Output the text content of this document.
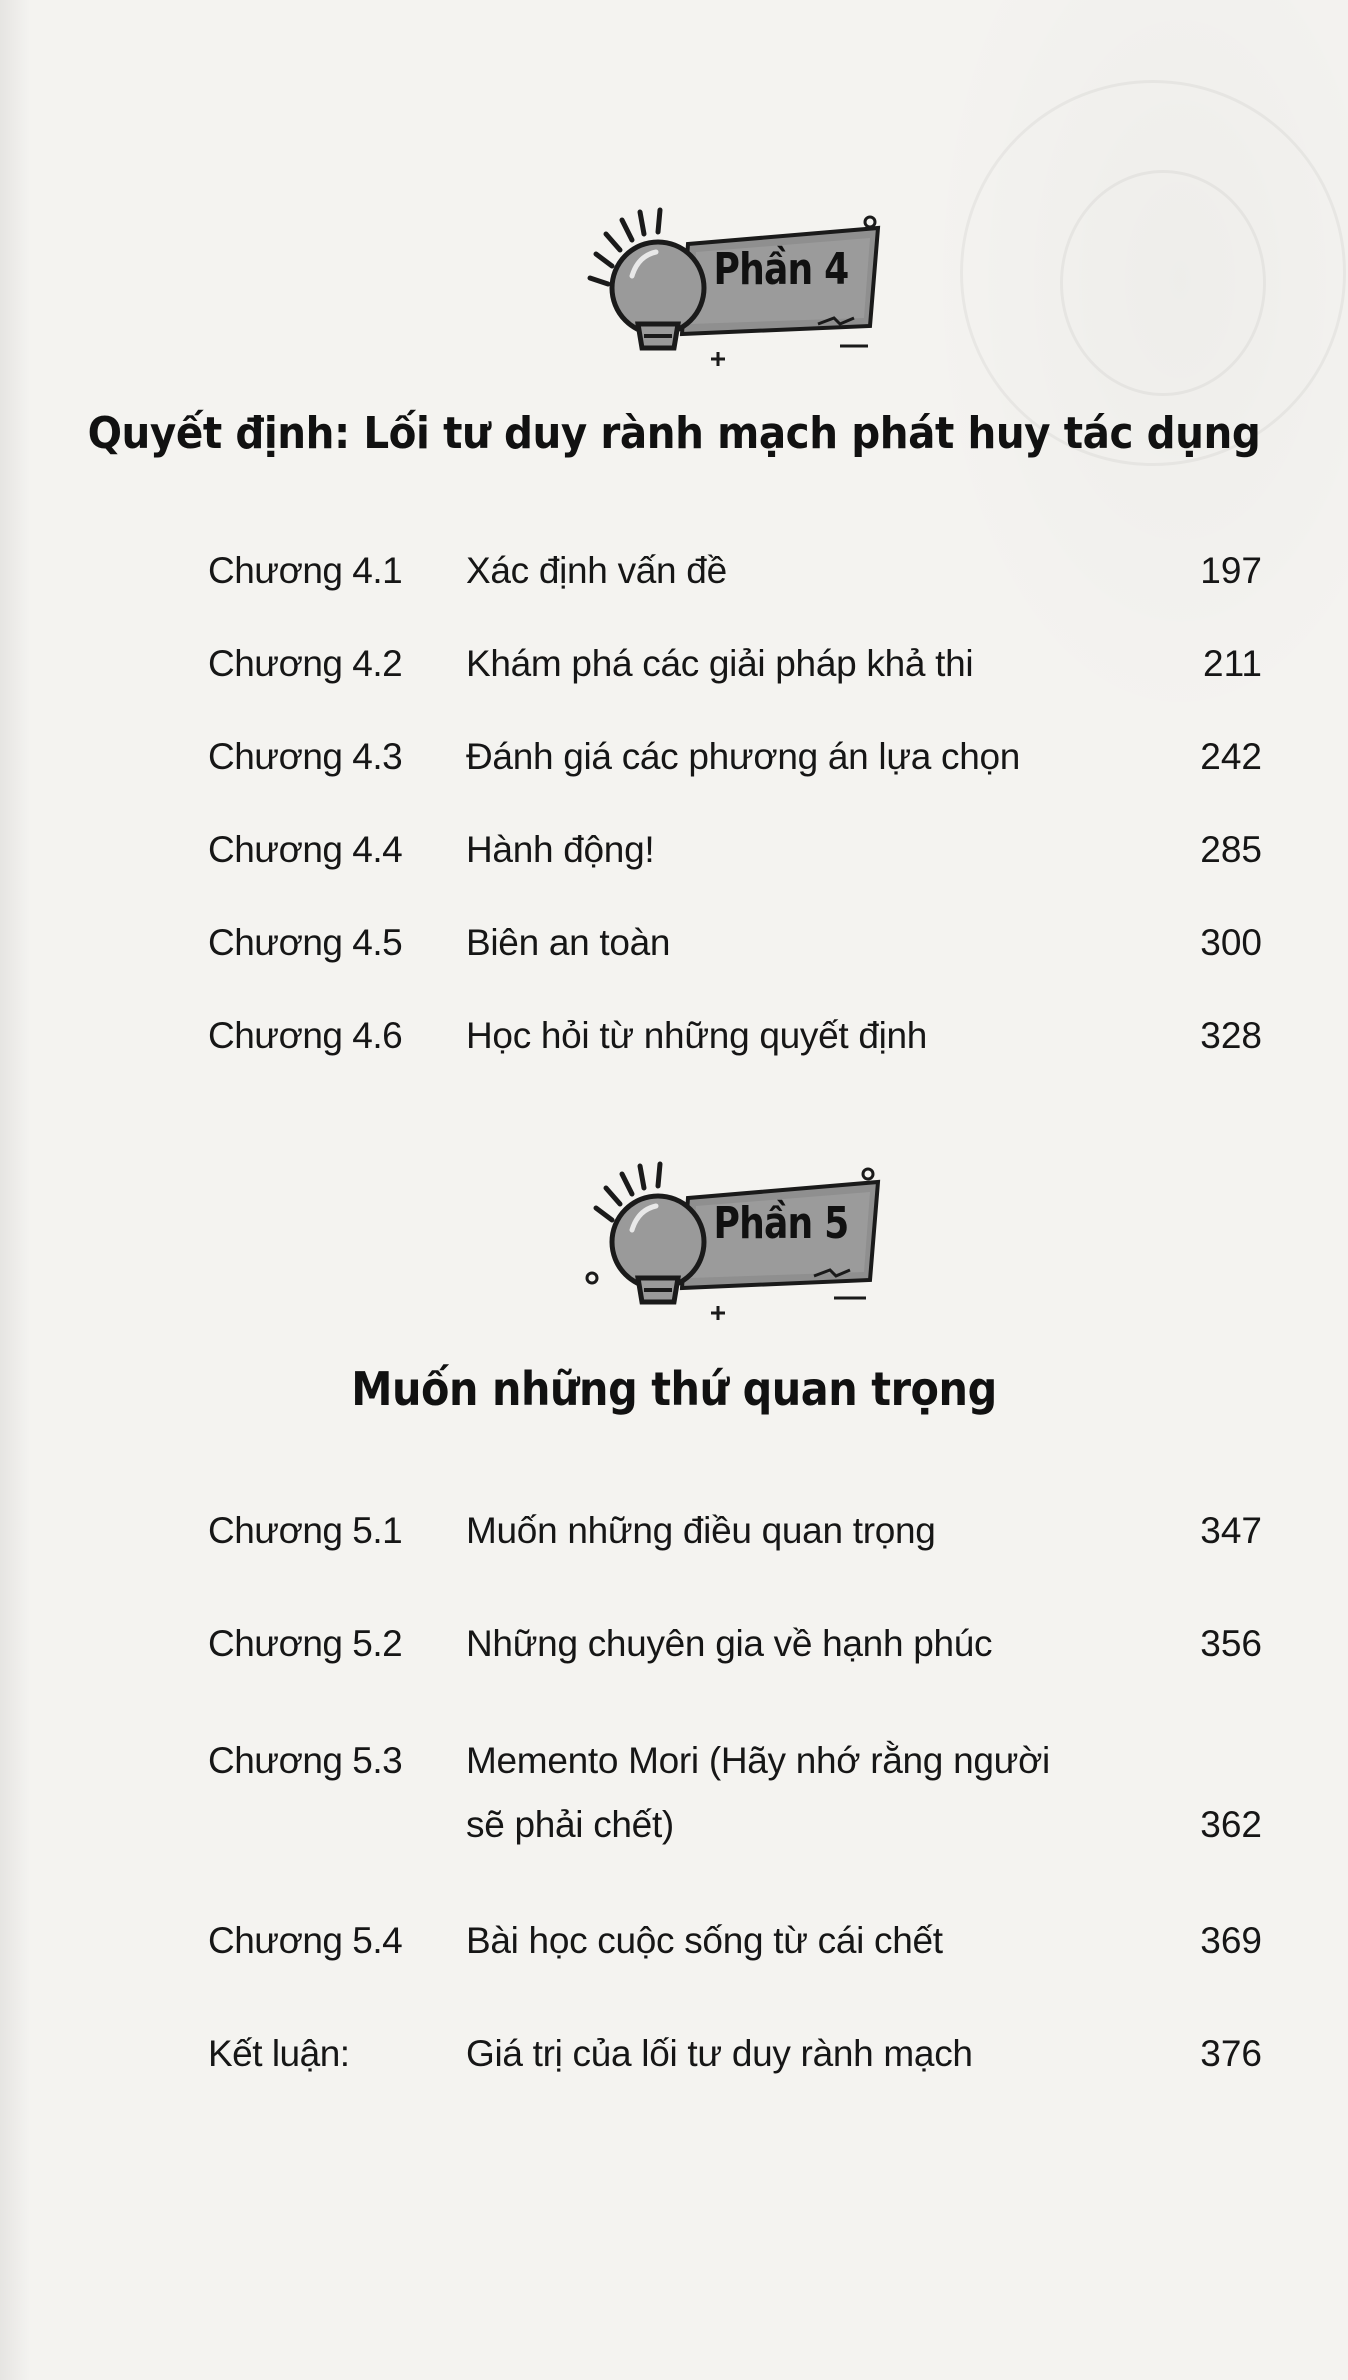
Phần 4
Quyết định: Lối tư duy rành mạch phát huy tác dụng
Chương 4.1 Xác định vấn đề	197
Chương 4.2 Khám phá các giải pháp khả thi	211
Chương 4.3 Đánh giá các phương án lựa chọn	242
Chương 4.4 Hành động!	285
Chương 4.5 Biên an toàn	300
Chương 4.6 Học hỏi từ những quyết định	328
Phần 5
Muốn những thứ quan trọng
Chương 5.1 Muốn những điều quan trọng	347
Chương 5.2 Những chuyên gia về hạnh phúc	356
Chương 5.3 Memento Mori (Hãy nhớ rằng người
sẽ phải chết)	362
Chương 5.4 Bài học cuộc sống từ cái chết	369
Kết luận:	Giá trị của lối tư duy rành mạch	376
